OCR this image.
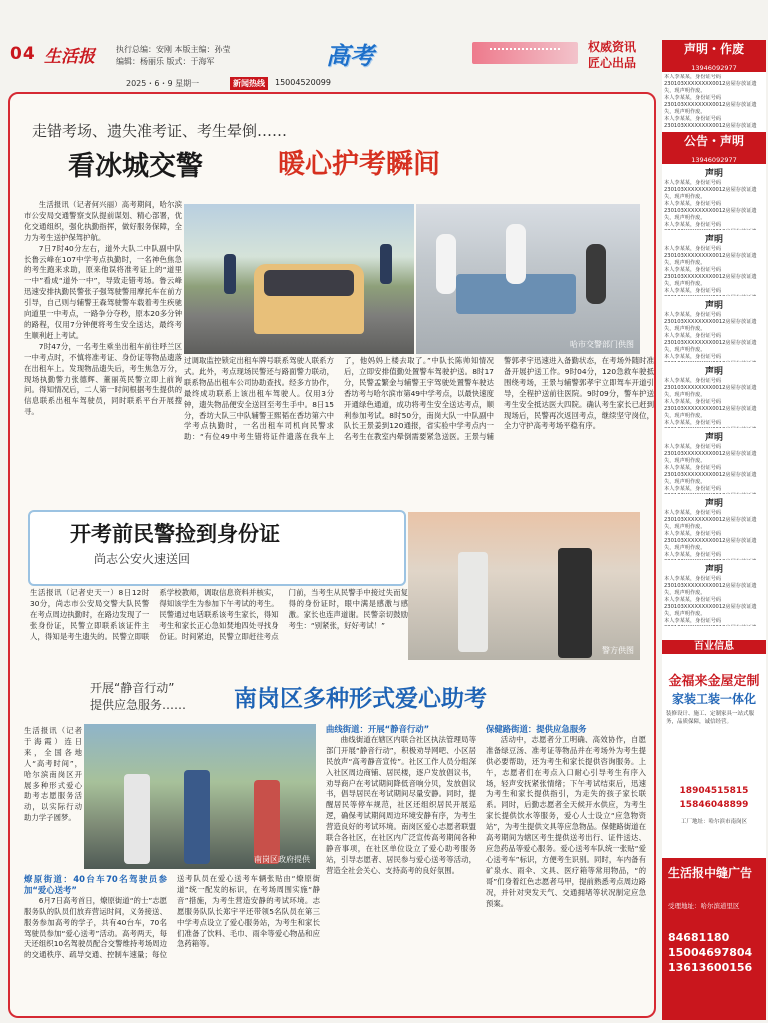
04 生活报	执行总编：安刚 本版主编：孙莹
编辑：杨丽乐 版式：于海军	高考	权威资讯
匠心出品
2025・6・9 星期一	新闻热线	15004520099
走错考场、遗失准考证、考生晕倒……
看冰城交警	暖心护考瞬间

生活报讯（记者何兴丽）高考期间，哈尔滨市公安局交通警察支队提前谋划、精心部署，优化交通组织，强化执勤指挥，做好服务保障，全力为考生送护保驾护航。

7日7时40分左右，道外大队二中队副中队长鲁云峰在107中学考点执勤时，一名神色焦急的考生跑来求助，原来他误将准考证上的“道里一中”看成“道外一中”，导致走错考场。鲁云峰迅速安排执勤民警张子强驾驶警用摩托车在前方引导，自己则与辅警王森驾驶警车载着考生疾驰向道里一中考点，一路争分夺秒，原本20多分钟的路程，仅用7分钟便将考生安全送达，最终考生顺利赶上考试。

7时47分，一名考生乘坐出租车前往呼兰区一中考点时，不慎将准考证、身份证等物品遗落在出租车上。发现物品遗失后，考生焦急万分，现场执勤警力张德辉、董丽英民警立即上前询问。得知情况后，二人第一时间根据考生提供的信息联系出租车驾驶员，同时联系平台开展搜寻。

哈市交警部门供图
过调取监控锁定出租车牌号联系驾驶人联系方式。此外，考点现场民警还与路面警力联动，联系物品出租车公司协助查找。经多方协作，最终成功联系上该出租车驾驶人。仅用3分钟，遗失物品便安全送回至考生手中。8日15分，香坊大队三中队辅警王熙韬在香坊第六中学考点执勤时，一名出租车司机向民警求助：“有位49中考生错将证件遗落在我车上了，他妈妈上楼去取了。”中队长陈帅知情况后，立即安排值勤处置警车驾驶护送。8时17分，民警孟繁金与辅警王宇驾驶处置警车驶达香坊考与哈尔滨市第49中学考点，以最快速度开通绿色通道，成功将考生安全送达考点，顺利参加考试。8时50分，南岗大队一中队副中队长王景姜到120通报，省实验中学考点内一名考生在教室内晕倒需要紧急送医。王景与辅警郭孝宇迅速进入备勤状态，在考场外随时准备开展护送工作。9时04分，120急救车驶抵围绕考场，王景与辅警郭孝宇立即驾车开道引导，全程护送前往医院。9时09分，警车护送考生安全抵达医大四院。确认考生家长已赶到现场后，民警再次返回考点，继续坚守岗位，全力守护高考考场平稳有序。
开考前民警捡到身份证
尚志公安火速送回
生活报讯（记者史天一）8日12时30分，尚志市公安局交警大队民警在考点周边执勤时，在路边发现了一张身份证，民警立即联系该证件主人，得知是考生遗失的。民警立即联系学校教师，调取信息资料并核实，得知该学生为参加下午考试的考生。民警通过电话联系该考生家长，得知考生和家长正心急如焚地四处寻找身份证。时间紧迫，民警立即赶往考点门前，当考生从民警手中接过失而复得的身份证时，眼中满是感激与感激。家长也连声道谢。民警亲切鼓励考生：“别紧张，好好考试！”
警方供图
开展“静音行动”
提供应急服务…… 南岗区多种形式爱心助考
生活报讯（记者于海霞）连日来，全国各地人“高考时间”，哈尔滨南岗区开展多种形式爱心助考志愿服务活动，以实际行动助力学子圆梦。
南岗区政府提供
燎原街道：40台车70名驾驶员参加“爱心送考”
6月7日高考首日，燎原街道“的士”志愿服务队的队员们放弃营运时间，义务接送、服务参加高考的学子，共有40台车，70名驾驶员参加“爱心送考”活动。高考两天，每天还组织10名驾驶员配合交警维持考场周边的交通秩序、疏导交通、控制车速量；每位送考队员在爱心送考车辆张贴由“燎原街道”统一配发的标识，在考场周围实施“静音”措施，为考生营造安静的考试环境。志愿服务队队长郑宇平还带领5名队员在第三中学考点设立了爱心服务站，为考生和家长们准备了饮料、毛巾、雨伞等爱心物品和应急药箱等。
曲线街道：开展“静音行动”
曲线街道在辖区内联合社区执法管理局等部门开展“静音行动”，积极劝导网吧、小区居民放声“高考静音宣传”。社区工作人员分组深入社区周边商铺、居民楼，逐户发放倡议书，劝导商户在考试期间降低音响分贝，发放倡议书，倡导居民在考试期间尽量安静。同时，提醒居民等停车规范，社区还组织居民开展巡逻，确保考试期间周边环境安静有序，为考生营造良好的考试环境。南岗区爱心志愿者联盟联合各社区，在社区内广泛宣传高考期间各种静音事项，在社区单位设立了爱心助考服务站，引导志愿者、居民参与爱心送考等活动，营造全社会关心、支持高考的良好氛围。
保健路街道：提供应急服务
活动中，志愿者分工明确、高效协作，自愿准备绿豆汤、准考证等物品并在考场外为考生提供必要帮助，还为考生和家长提供咨询服务。上午，志愿者们在考点入口耐心引导考生有序入场，轻声安抚紧张情绪；下午考试结束后，迅速为考生和家长提供指引，为走失的孩子家长联系。同时，后勤志愿者全天候开水供应，为考生家长提供饮水等服务，爱心人士设立“应急物资站”，为考生提供文具等应急物品。保健路街道在高考期间为辖区考生提供送考出行、证件送达、应急药品等爱心服务。爱心送考车队统一张贴“爱心送考车”标识，方便考生识别。同时，车内备有矿泉水、雨伞、文具、医疗箱等常用物品，“的哥”们身着红色志愿者马甲，提前熟悉考点周边路况，并针对突发天气、交通拥堵等状况制定应急预案。
声明・作废
13946092977
本人李某某，身份证号码230103XXXXXXXX0012房屋存放证遗失，现声明作废。
本人李某某，身份证号码230103XXXXXXXX0012房屋存放证遗失，现声明作废。
本人李某某，身份证号码230103XXXXXXXX0012房屋存放证遗
公告・声明
13946092977
声明
本人李某某，身份证号码230103XXXXXXXX0012房屋存放证遗失，现声明作废。
本人李某某，身份证号码230103XXXXXXXX0012房屋存放证遗失，现声明作废。
本人李某某，身份证号码
声明
本人李某某，身份证号码230103XXXXXXXX0012房屋存放证遗失，现声明作废。
本人李某某，身份证号码230103XXXXXXXX0012房屋存放证遗失，现声明作废。
本人李某某，身份证号码
声明
本人李某某，身份证号码230103XXXXXXXX0012房屋存放证遗失，现声明作废。
本人李某某，身份证号码230103XXXXXXXX0012房屋存放证遗失，现声明作废。
本人李某某，身份证号码
声明
本人李某某，身份证号码230103XXXXXXXX0012房屋存放证遗失，现声明作废。
本人李某某，身份证号码230103XXXXXXXX0012房屋存放证遗失，现声明作废。
本人李某某，身份证号码
声明
本人李某某，身份证号码230103XXXXXXXX0012房屋存放证遗失，现声明作废。
本人李某某，身份证号码230103XXXXXXXX0012房屋存放证遗失，现声明作废。
本人李某某，身份证号码
声明
本人李某某，身份证号码230103XXXXXXXX0012房屋存放证遗失，现声明作废。
本人李某某，身份证号码230103XXXXXXXX0012房屋存放证遗失，现声明作废。
本人李某某，身份证号码
声明
本人李某某，身份证号码230103XXXXXXXX0012房屋存放证遗失，现声明作废。
本人李某某，身份证号码230103XXXXXXXX0012房屋存放证遗失，现声明作废。
本人李某某，身份证号码
百业信息
金福来金屋定制
家装工装一体化
装修设计、施工、定制家具一站式服务，品质保障，诚信经营。
18904515815
15846048899
工厂地址：哈尔滨市南岗区
生活报中缝广告
受理地址：哈尔滨道里区
84681180 15004697804 13613600156
